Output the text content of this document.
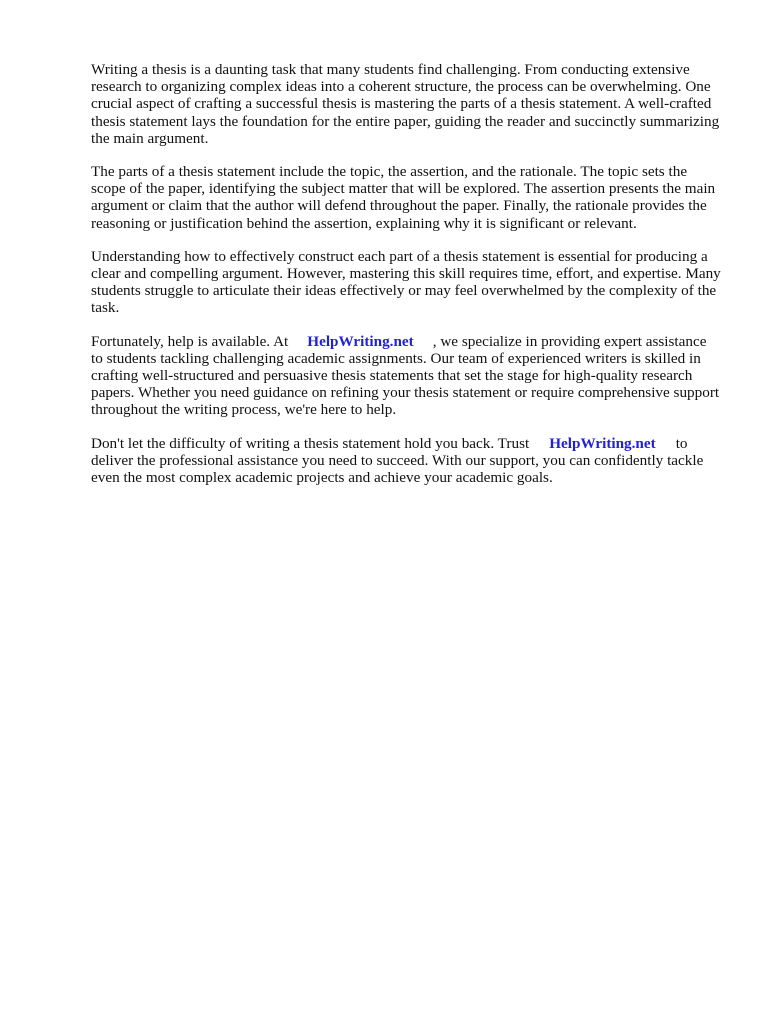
Writing a thesis is a daunting task that many students find challenging. From conducting extensive research to organizing complex ideas into a coherent structure, the process can be overwhelming. One crucial aspect of crafting a successful thesis is mastering the parts of a thesis statement. A well-crafted thesis statement lays the foundation for the entire paper, guiding the reader and succinctly summarizing the main argument.

The parts of a thesis statement include the topic, the assertion, and the rationale. The topic sets the scope of the paper, identifying the subject matter that will be explored. The assertion presents the main argument or claim that the author will defend throughout the paper. Finally, the rationale provides the reasoning or justification behind the assertion, explaining why it is significant or relevant.

Understanding how to effectively construct each part of a thesis statement is essential for producing a clear and compelling argument. However, mastering this skill requires time, effort, and expertise. Many students struggle to articulate their ideas effectively or may feel overwhelmed by the complexity of the task.

Fortunately, help is available. At HelpWriting.net , we specialize in providing expert assistance to students tackling challenging academic assignments. Our team of experienced writers is skilled in crafting well-structured and persuasive thesis statements that set the stage for high-quality research papers. Whether you need guidance on refining your thesis statement or require comprehensive support throughout the writing process, we're here to help.

Don't let the difficulty of writing a thesis statement hold you back. Trust HelpWriting.net to deliver the professional assistance you need to succeed. With our support, you can confidently tackle even the most complex academic projects and achieve your academic goals.
